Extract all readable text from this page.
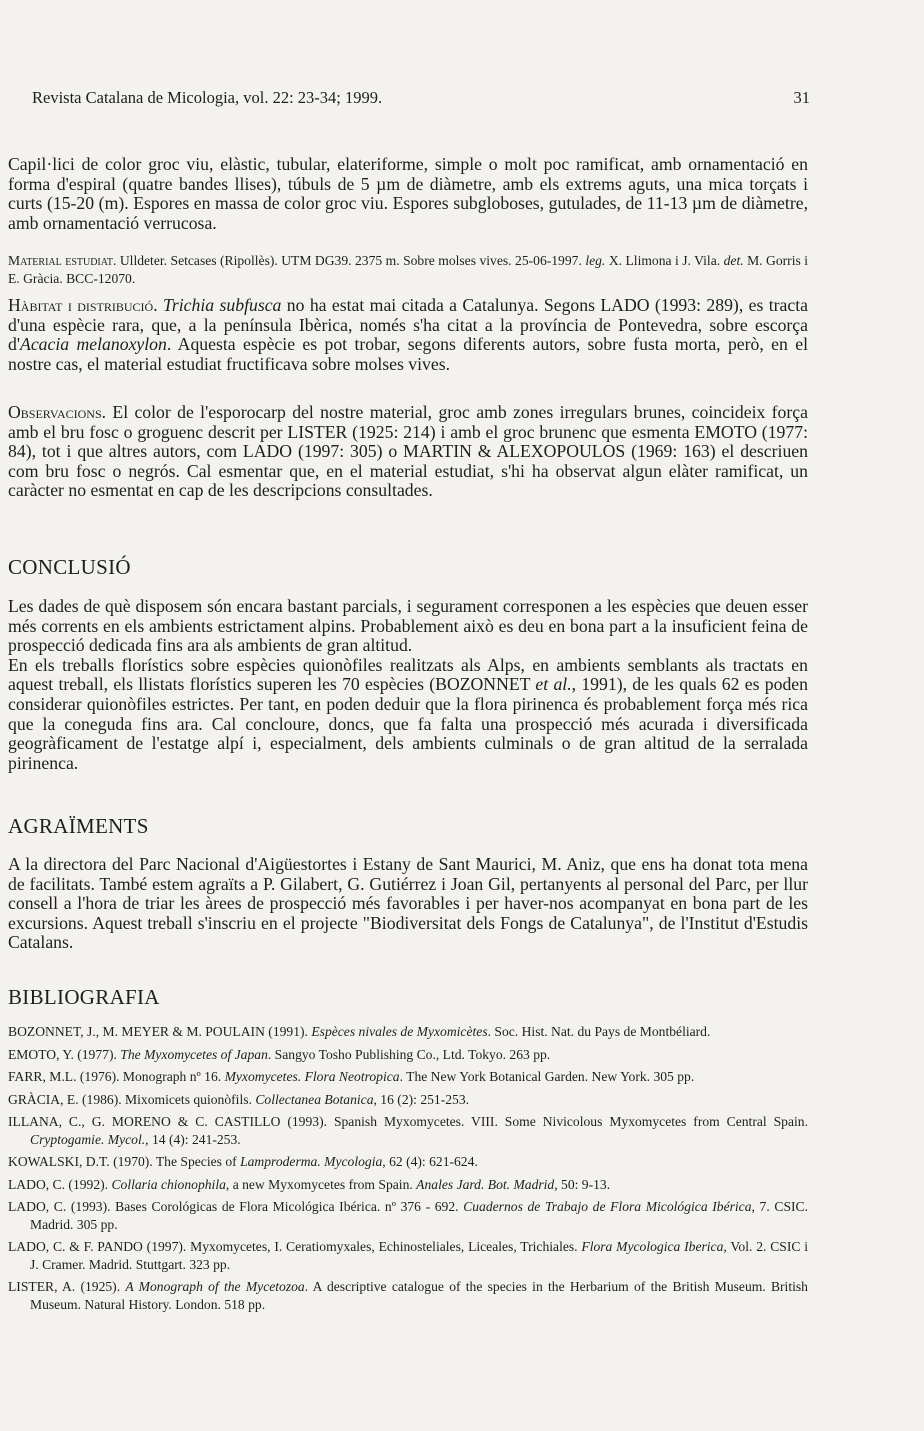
Revista Catalana de Micologia, vol. 22: 23-34; 1999.	31

Capil·lici de color groc viu, elàstic, tubular, elateriforme, simple o molt poc ramificat, amb ornamentació en forma d'espiral (quatre bandes llises), túbuls de 5 µm de diàmetre, amb els extrems aguts, una mica torçats i curts (15-20 (m). Espores en massa de color groc viu. Espores subgloboses, gutulades, de 11-13 µm de diàmetre, amb ornamentació verrucosa.

Material estudiat. Ulldeter. Setcases (Ripollès). UTM DG39. 2375 m. Sobre molses vives. 25-06-1997. leg. X. Llimona i J. Vila. det. M. Gorris i E. Gràcia. BCC-12070.

Hàbitat i distribució. Trichia subfusca no ha estat mai citada a Catalunya. Segons LADO (1993: 289), es tracta d'una espècie rara, que, a la península Ibèrica, només s'ha citat a la província de Pontevedra, sobre escorça d'Acacia melanoxylon. Aquesta espècie es pot trobar, segons diferents autors, sobre fusta morta, però, en el nostre cas, el material estudiat fructificava sobre molses vives.

Observacions. El color de l'esporocarp del nostre material, groc amb zones irregulars brunes, coincideix força amb el bru fosc o groguenc descrit per LISTER (1925: 214) i amb el groc brunenc que esmenta EMOTO (1977: 84), tot i que altres autors, com LADO (1997: 305) o MARTIN & ALEXOPOULOS (1969: 163) el descriuen com bru fosc o negrós. Cal esmentar que, en el material estudiat, s'hi ha observat algun elàter ramificat, un caràcter no esmentat en cap de les descripcions consultades.

CONCLUSIÓ

Les dades de què disposem són encara bastant parcials, i segurament corresponen a les espècies que deuen esser més corrents en els ambients estrictament alpins. Probablement això es deu en bona part a la insuficient feina de prospecció dedicada fins ara als ambients de gran altitud.

En els treballs florístics sobre espècies quionòfiles realitzats als Alps, en ambients semblants als tractats en aquest treball, els llistats florístics superen les 70 espècies (BOZONNET et al., 1991), de les quals 62 es poden considerar quionòfiles estrictes. Per tant, en poden deduir que la flora pirinenca és probablement força més rica que la coneguda fins ara. Cal concloure, doncs, que fa falta una prospecció més acurada i diversificada geogràficament de l'estatge alpí i, especialment, dels ambients culminals o de gran altitud de la serralada pirinenca.

AGRAÏMENTS

A la directora del Parc Nacional d'Aigüestortes i Estany de Sant Maurici, M. Aniz, que ens ha donat tota mena de facilitats. També estem agraïts a P. Gilabert, G. Gutiérrez i Joan Gil, pertanyents al personal del Parc, per llur consell a l'hora de triar les àrees de prospecció més favorables i per haver-nos acompanyat en bona part de les excursions. Aquest treball s'inscriu en el projecte "Biodiversitat dels Fongs de Catalunya", de l'Institut d'Estudis Catalans.

BIBLIOGRAFIA

BOZONNET, J., M. MEYER & M. POULAIN (1991). Espèces nivales de Myxomicètes. Soc. Hist. Nat. du Pays de Montbéliard.

EMOTO, Y. (1977). The Myxomycetes of Japan. Sangyo Tosho Publishing Co., Ltd. Tokyo. 263 pp.

FARR, M.L. (1976). Monograph nº 16. Myxomycetes. Flora Neotropica. The New York Botanical Garden. New York. 305 pp.

GRÀCIA, E. (1986). Mixomicets quionòfils. Collectanea Botanica, 16 (2): 251-253.

ILLANA, C., G. MORENO & C. CASTILLO (1993). Spanish Myxomycetes. VIII. Some Nivicolous Myxomycetes from Central Spain. Cryptogamie. Mycol., 14 (4): 241-253.

KOWALSKI, D.T. (1970). The Species of Lamproderma. Mycologia, 62 (4): 621-624.

LADO, C. (1992). Collaria chionophila, a new Myxomycetes from Spain. Anales Jard. Bot. Madrid, 50: 9-13.

LADO, C. (1993). Bases Corológicas de Flora Micológica Ibérica. nº 376 - 692. Cuadernos de Trabajo de Flora Micológica Ibérica, 7. CSIC. Madrid. 305 pp.

LADO, C. & F. PANDO (1997). Myxomycetes, I. Ceratiomyxales, Echinosteliales, Liceales, Trichiales. Flora Mycologica Iberica, Vol. 2. CSIC i J. Cramer. Madrid. Stuttgart. 323 pp.

LISTER, A. (1925). A Monograph of the Mycetozoa. A descriptive catalogue of the species in the Herbarium of the British Museum. British Museum. Natural History. London. 518 pp.
